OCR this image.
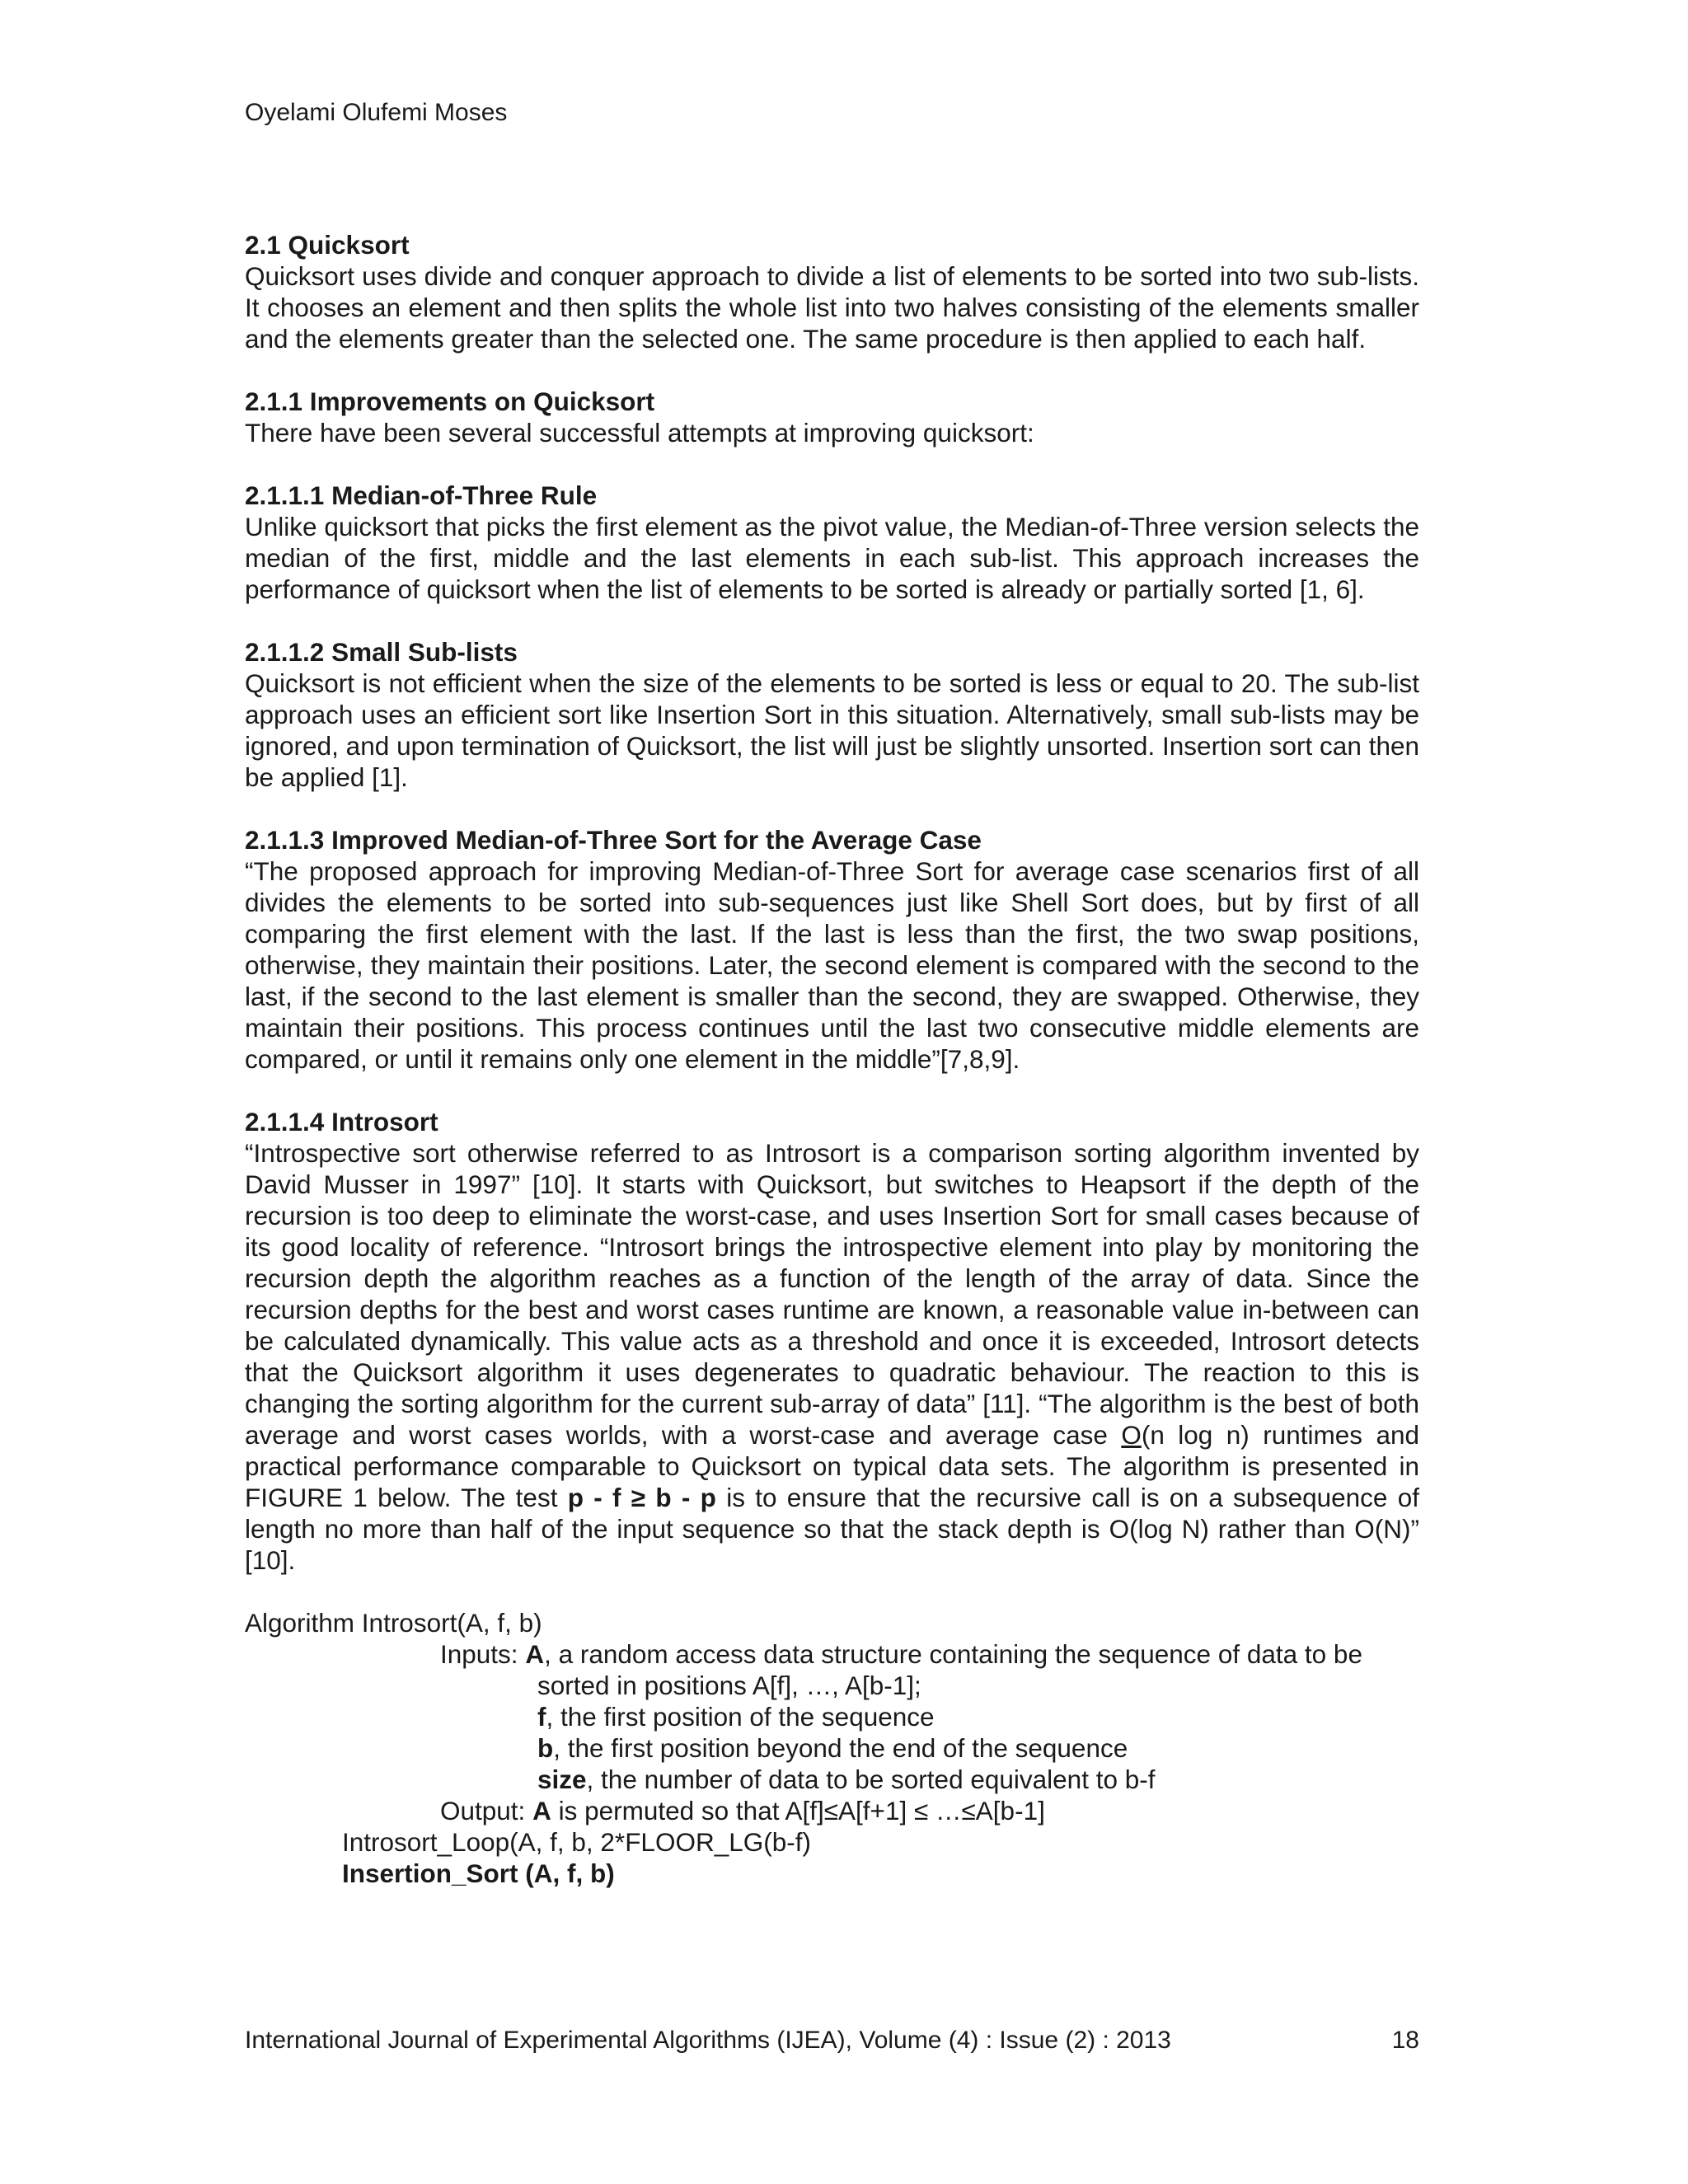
Oyelami Olufemi Moses
2.1 Quicksort

Quicksort uses divide and conquer approach to divide a list of elements to be sorted into two sub-lists. It chooses an element and then splits the whole list into two halves consisting of the elements smaller and the elements greater than the selected one. The same procedure is then applied to each half.

2.1.1 Improvements on Quicksort

There have been several successful attempts at improving quicksort:

2.1.1.1 Median-of-Three Rule

Unlike quicksort that picks the first element as the pivot value, the Median-of-Three version selects the median of the first, middle and the last elements in each sub-list. This approach increases the performance of quicksort when the list of elements to be sorted is already or partially sorted [1, 6].

2.1.1.2 Small Sub-lists

Quicksort is not efficient when the size of the elements to be sorted is less or equal to 20. The sub-list approach uses an efficient sort like Insertion Sort in this situation. Alternatively, small sub-lists may be ignored, and upon termination of Quicksort, the list will just be slightly unsorted. Insertion sort can then be applied [1].

2.1.1.3 Improved Median-of-Three Sort for the Average Case

“The proposed approach for improving Median-of-Three Sort for average case scenarios first of all divides the elements to be sorted into sub-sequences just like Shell Sort does, but by first of all comparing the first element with the last. If the last is less than the first, the two swap positions, otherwise, they maintain their positions. Later, the second element is compared with the second to the last, if the second to the last element is smaller than the second, they are swapped. Otherwise, they maintain their positions. This process continues until the last two consecutive middle elements are compared, or until it remains only one element in the middle”[7,8,9].

2.1.1.4 Introsort

“Introspective sort otherwise referred to as Introsort is a comparison sorting algorithm invented by David Musser in 1997” [10]. It starts with Quicksort, but switches to Heapsort if the depth of the recursion is too deep to eliminate the worst-case, and uses Insertion Sort for small cases because of its good locality of reference. “Introsort brings the introspective element into play by monitoring the recursion depth the algorithm reaches as a function of the length of the array of data. Since the recursion depths for the best and worst cases runtime are known, a reasonable value in-between can be calculated dynamically. This value acts as a threshold and once it is exceeded, Introsort detects that the Quicksort algorithm it uses degenerates to quadratic behaviour. The reaction to this is changing the sorting algorithm for the current sub-array of data” [11]. “The algorithm is the best of both average and worst cases worlds, with a worst-case and average case O(n log n) runtimes and practical performance comparable to Quicksort on typical data sets. The algorithm is presented in FIGURE 1 below. The test p - f ≥ b - p is to ensure that the recursive call is on a subsequence of length no more than half of the input sequence so that the stack depth is O(log N) rather than O(N)” [10].

Algorithm Introsort(A, f, b)
Inputs: A, a random access data structure containing the sequence of data to be
sorted in positions A[f], …, A[b-1];
f, the first position of the sequence
b, the first position beyond the end of the sequence
size, the number of data to be sorted equivalent to b-f
Output: A is permuted so that A[f]≤A[f+1] ≤ …≤A[b-1]
Introsort_Loop(A, f, b, 2*FLOOR_LG(b-f)
Insertion_Sort (A, f, b)
International Journal of Experimental Algorithms (IJEA), Volume (4) : Issue (2) : 2013	18
